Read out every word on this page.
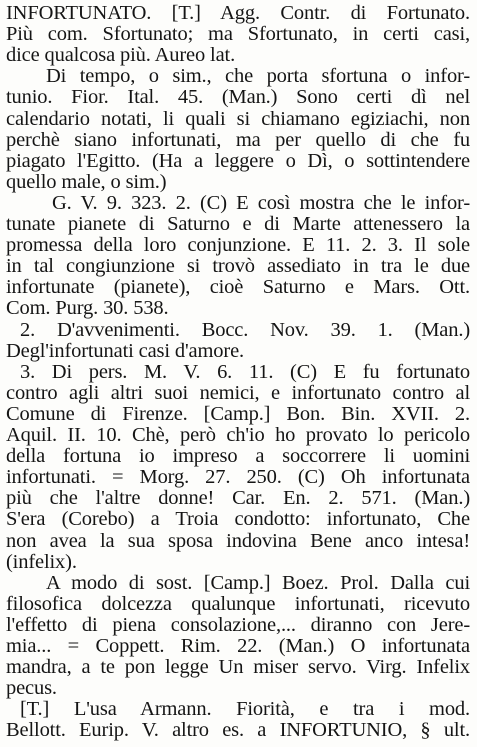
INFORTUNATO. [T.] Agg. Contr. di Fortunato.

Più com. Sfortunato; ma Sfortunato, in certi casi,

dice qualcosa più. Aureo lat.

Di tempo, o sim., che porta sfortuna o infor-

tunio. Fior. Ital. 45. (Man.) Sono certi dì nel

calendario notati, li quali si chiamano egiziachi, non

perchè siano infortunati, ma per quello di che fu

piagato l'Egitto. (Ha a leggere o Dì, o sottintendere

quello male, o sim.)

G. V. 9. 323. 2. (C) E così mostra che le infor-

tunate pianete di Saturno e di Marte attenessero la

promessa della loro conjunzione. E 11. 2. 3. Il sole

in tal congiunzione si trovò assediato in tra le due

infortunate (pianete), cioè Saturno e Mars. Ott.

Com. Purg. 30. 538.

2. D'avvenimenti. Bocc. Nov. 39. 1. (Man.)

Degl'infortunati casi d'amore.

3. Di pers. M. V. 6. 11. (C) E fu fortunato

contro agli altri suoi nemici, e infortunato contro al

Comune di Firenze. [Camp.] Bon. Bin. XVII. 2.

Aquil. II. 10. Chè, però ch'io ho provato lo pericolo

della fortuna io impreso a soccorrere li uomini

infortunati. = Morg. 27. 250. (C) Oh infortunata

più che l'altre donne! Car. En. 2. 571. (Man.)

S'era (Corebo) a Troia condotto: infortunato, Che

non avea la sua sposa indovina Bene anco intesa!

(infelix).

A modo di sost. [Camp.] Boez. Prol. Dalla cui

filosofica dolcezza qualunque infortunati, ricevuto

l'effetto di piena consolazione,... diranno con Jere-

mia... = Coppett. Rim. 22. (Man.) O infortunata

mandra, a te pon legge Un miser servo. Virg. Infelix

pecus.

[T.] L'usa Armann. Fiorità, e tra i mod.

Bellott. Eurip. V. altro es. a INFORTUNIO, § ult.
